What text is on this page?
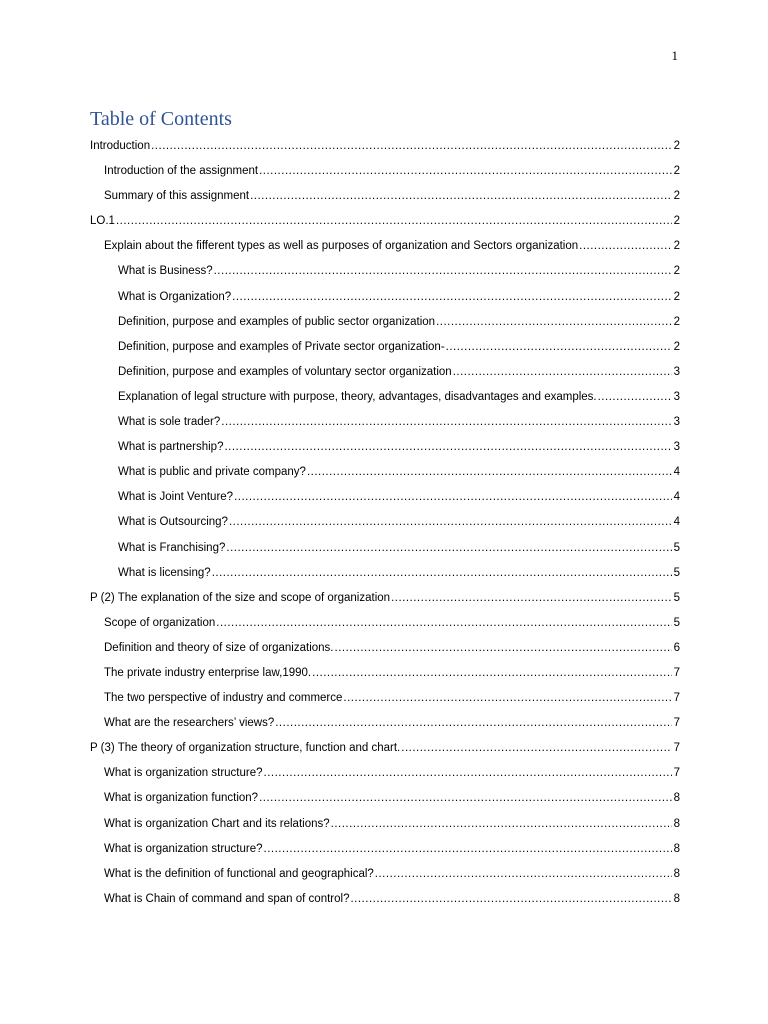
1
Table of Contents
Introduction .....	2
Introduction of the assignment .....	2
Summary of this assignment .....	2
LO.1 .....	2
Explain about the fifferent types as well as purposes of organization and Sectors organization .....	2
What is Business? .....	2
What is Organization? .....	2
Definition, purpose and examples of public sector organization .....	2
Definition, purpose and examples of Private sector organization- .....	2
Definition, purpose and examples of voluntary sector organization .....	3
Explanation of legal structure with purpose, theory, advantages, disadvantages and examples. .....	3
What is sole trader? .....	3
What is partnership? .....	3
What is public and private company? .....	4
What is Joint Venture? .....	4
What is Outsourcing? .....	4
What is Franchising? .....	5
What is licensing? .....	5
P (2) The explanation of the size and scope of organization .....	5
Scope of organization .....	5
Definition and theory of size of organizations. .....	6
The private industry enterprise law,1990. .....	7
The two perspective of industry and commerce .....	7
What are the researchers’ views? .....	7
P (3) The theory of organization structure, function and chart. .....	7
What is organization structure? .....	7
What is organization function? .....	8
What is organization Chart and its relations? .....	8
What is organization structure? .....	8
What is the definition of functional and geographical? .....	8
What is Chain of command and span of control? .....	8
